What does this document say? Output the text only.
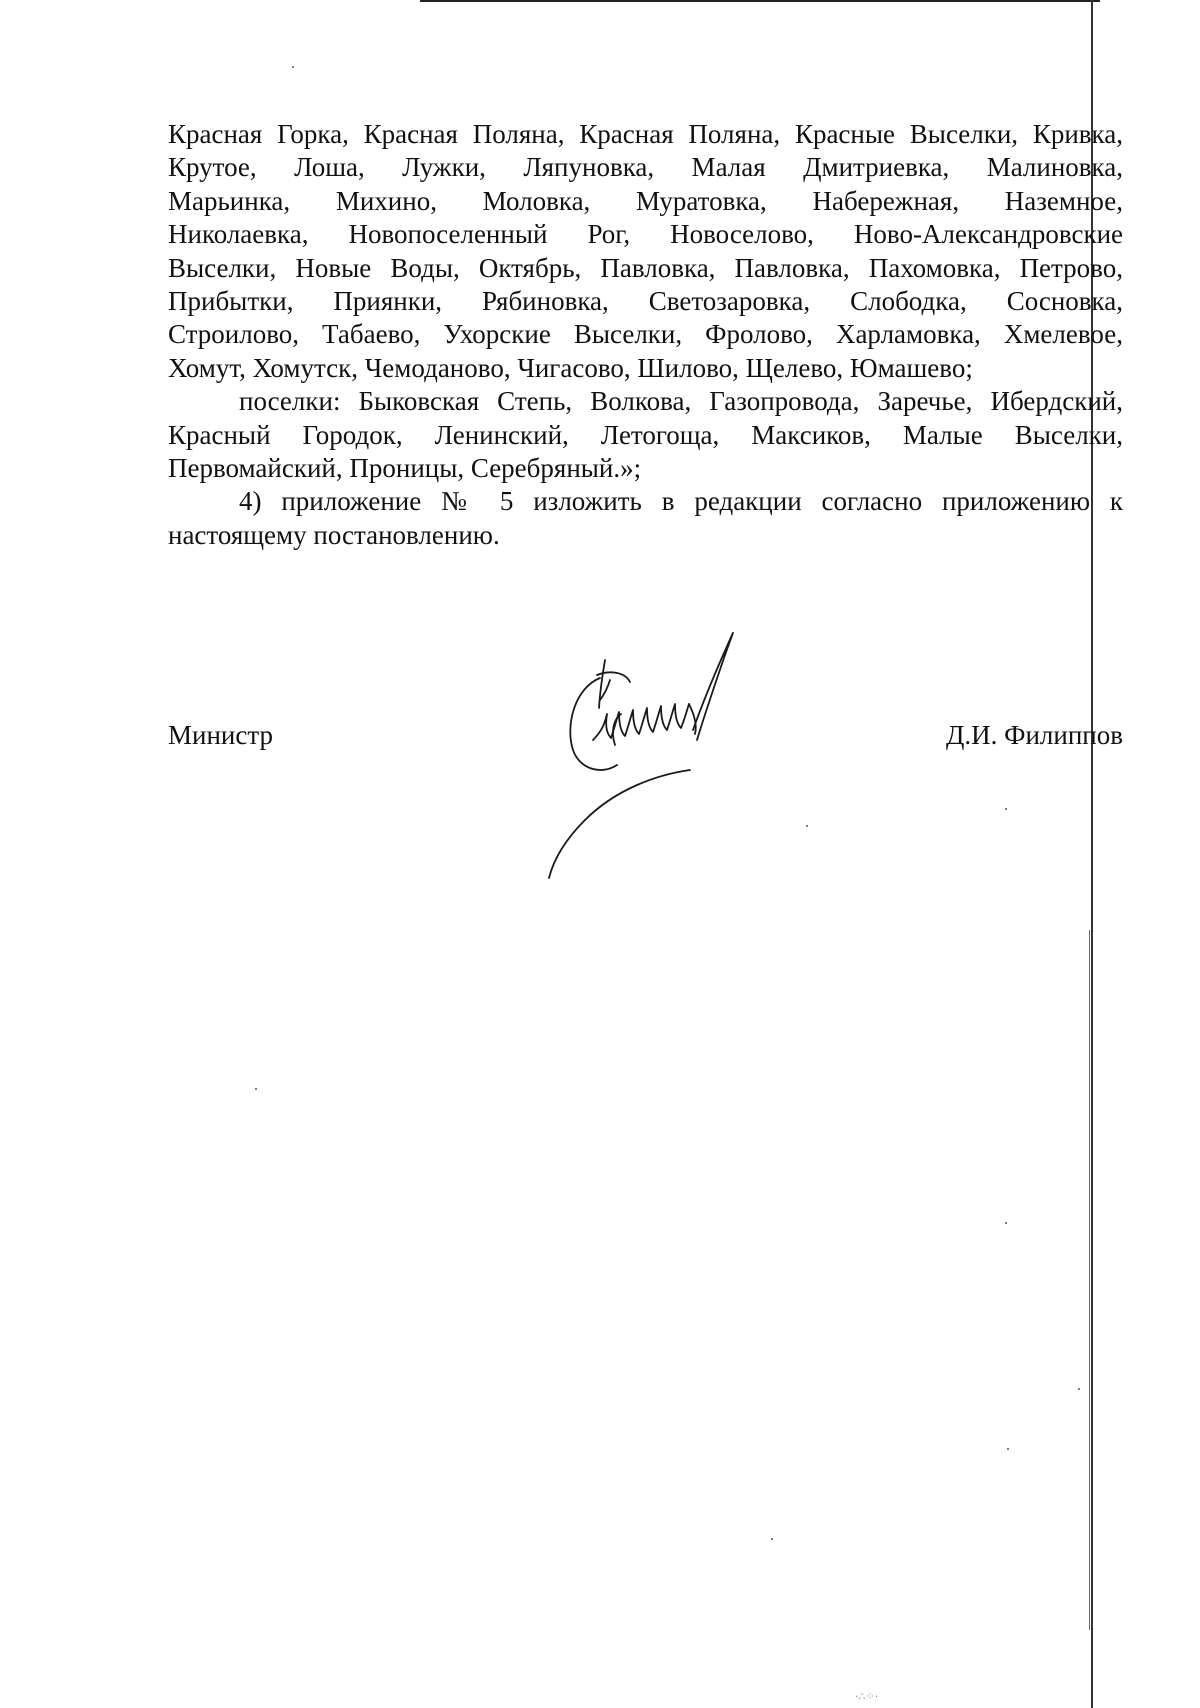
Красная Горка, Красная Поляна, Красная Поляна, Красные Выселки, Кривка,
Крутое, Лоша, Лужки, Ляпуновка, Малая Дмитриевка, Малиновка,
Марьинка, Михино, Моловка, Муратовка, Набережная, Наземное,
Николаевка, Новопоселенный Рог, Новоселово, Ново-Александровские
Выселки, Новые Воды, Октябрь, Павловка, Павловка, Пахомовка, Петрово,
Прибытки, Приянки, Рябиновка, Светозаровка, Слободка, Сосновка,
Строилово, Табаево, Ухорские Выселки, Фролово, Харламовка, Хмелевое,
Хомут, Хомутск, Чемоданово, Чигасово, Шилово, Щелево, Юмашево;
поселки: Быковская Степь, Волкова, Газопровода, Заречье, Ибердский,
Красный Городок, Ленинский, Летогоща, Максиков, Малые Выселки,
Первомайский, Проницы, Серебряный.»;
4) приложение № 5 изложить в редакции согласно приложению к
настоящему постановлению.
Министр	Д.И. Филиппов
·∴⁘·
